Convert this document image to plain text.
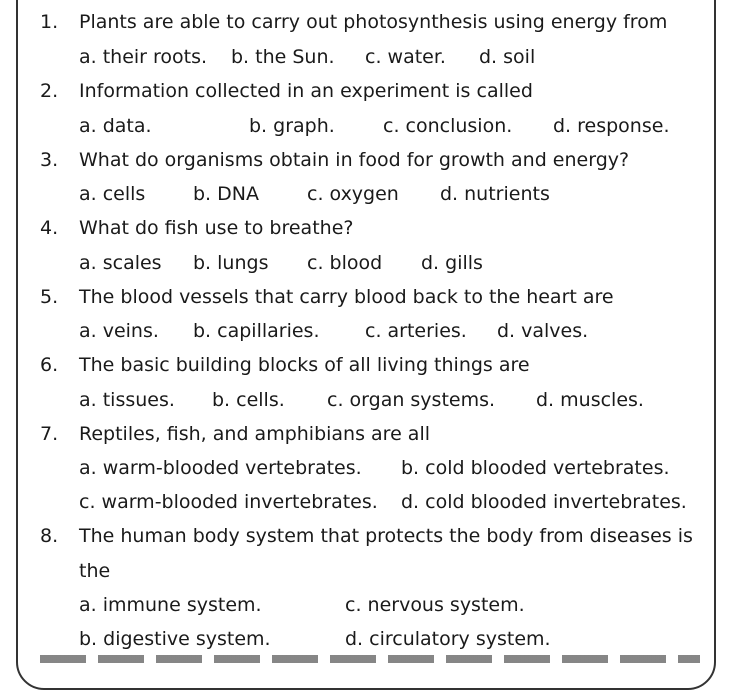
1. Plants are able to carry out photosynthesis using energy from
a. their roots. b. the Sun. c. water. d. soil
2. Information collected in an experiment is called
a. data.	b. graph.	c. conclusion. d. response.
3. What do organisms obtain in food for growth and energy?
a. cells	b. DNA	c. oxygen d. nutrients
4. What do fish use to breathe?
a. scales b. lungs c. blood d. gills
5. The blood vessels that carry blood back to the heart are
a. veins. b. capillaries. c. arteries. d. valves.
6. The basic building blocks of all living things are
a. tissues. b. cells. c. organ systems. d. muscles.
7. Reptiles, fish, and amphibians are all
a. warm-blooded vertebrates. b. cold blooded vertebrates.
c. warm-blooded invertebrates. d. cold blooded invertebrates.
8. The human body system that protects the body from diseases is
the
a. immune system.	c. nervous system.
b. digestive system.	d. circulatory system.
